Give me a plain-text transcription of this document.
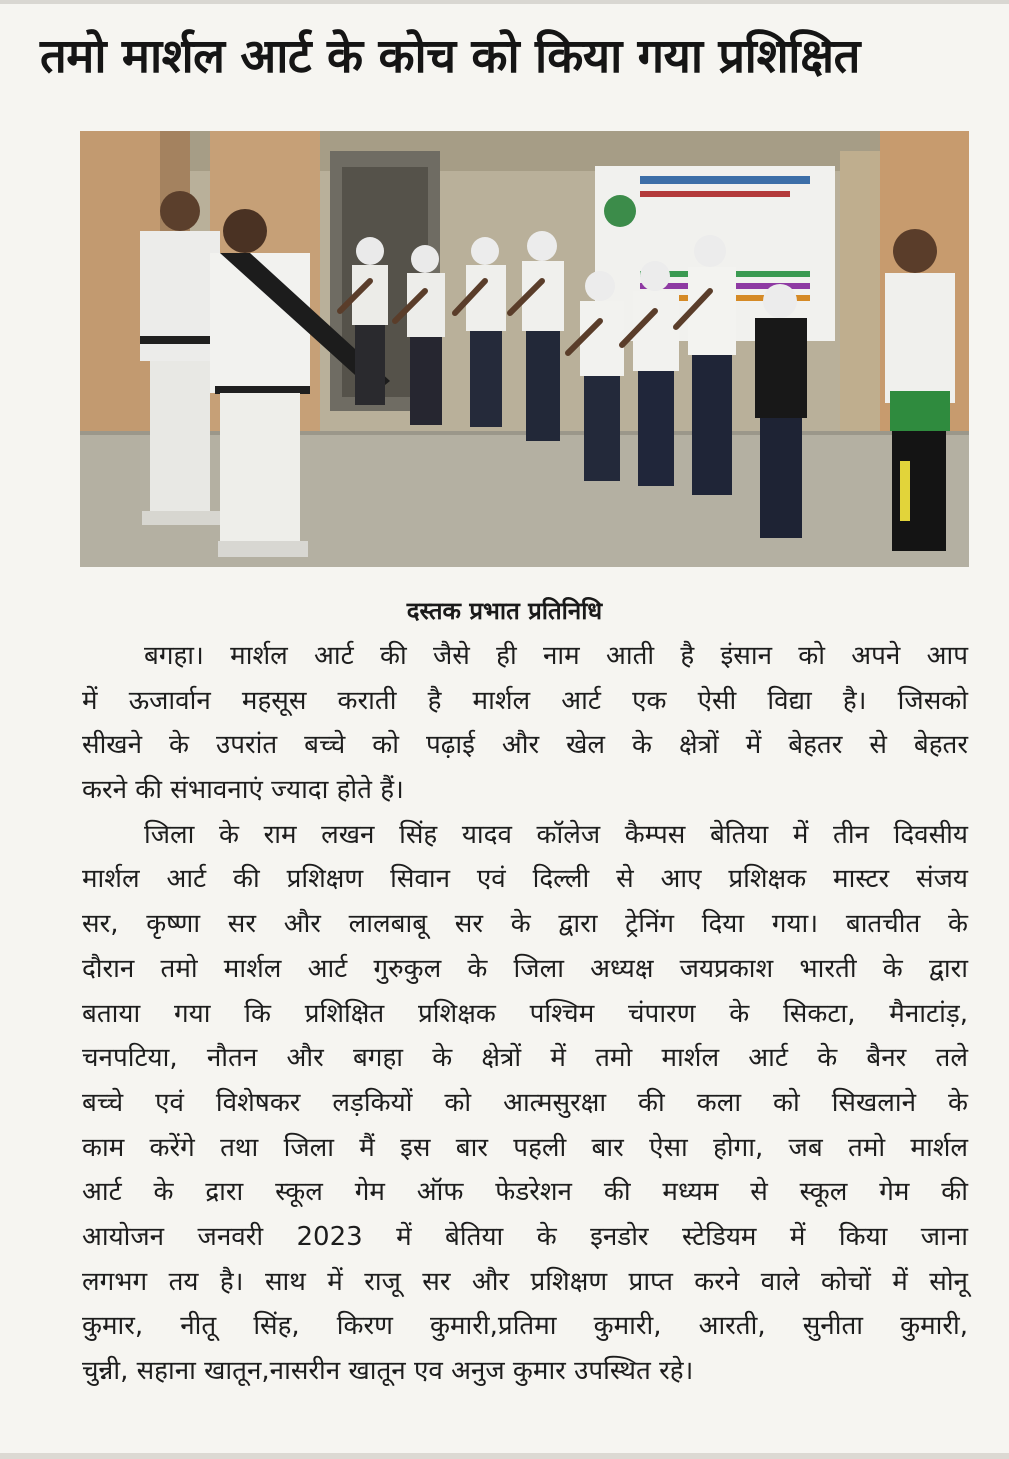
तमो मार्शल आर्ट के कोच को किया गया प्रशिक्षित

दस्तक प्रभात प्रतिनिधि

बगहा। मार्शल आर्ट की जैसे ही नाम आती है इंसान को अपने आप
में ऊजार्वान महसूस कराती है मार्शल आर्ट एक ऐसी विद्या है। जिसको
सीखने के उपरांत बच्चे को पढ़ाई और खेल के क्षेत्रों में बेहतर से बेहतर
करने की संभावनाएं ज्यादा होते हैं।
जिला के राम लखन सिंह यादव कॉलेज कैम्पस बेतिया में तीन दिवसीय
मार्शल आर्ट की प्रशिक्षण सिवान एवं दिल्ली से आए प्रशिक्षक मास्टर संजय
सर, कृष्णा सर और लालबाबू सर के द्वारा ट्रेनिंग दिया गया। बातचीत के
दौरान तमो मार्शल आर्ट गुरुकुल के जिला अध्यक्ष जयप्रकाश भारती के द्वारा
बताया गया कि प्रशिक्षित प्रशिक्षक पश्चिम चंपारण के सिकटा, मैनाटांड़,
चनपटिया, नौतन और बगहा के क्षेत्रों में तमो मार्शल आर्ट के बैनर तले
बच्चे एवं विशेषकर लड़कियों को आत्मसुरक्षा की कला को सिखलाने के
काम करेंगे तथा जिला मैं इस बार पहली बार ऐसा होगा, जब तमो मार्शल
आर्ट के द्रारा स्कूल गेम ऑफ फेडरेशन की मध्यम से स्कूल गेम की
आयोजन जनवरी 2023 में बेतिया के इनडोर स्टेडियम में किया जाना
लगभग तय है। साथ में राजू सर और प्रशिक्षण प्राप्त करने वाले कोचों में सोनू
कुमार, नीतू सिंह, किरण कुमारी,प्रतिमा कुमारी, आरती, सुनीता कुमारी,
चुन्नी, सहाना खातून,नासरीन खातून एव अनुज कुमार उपस्थित रहे।
